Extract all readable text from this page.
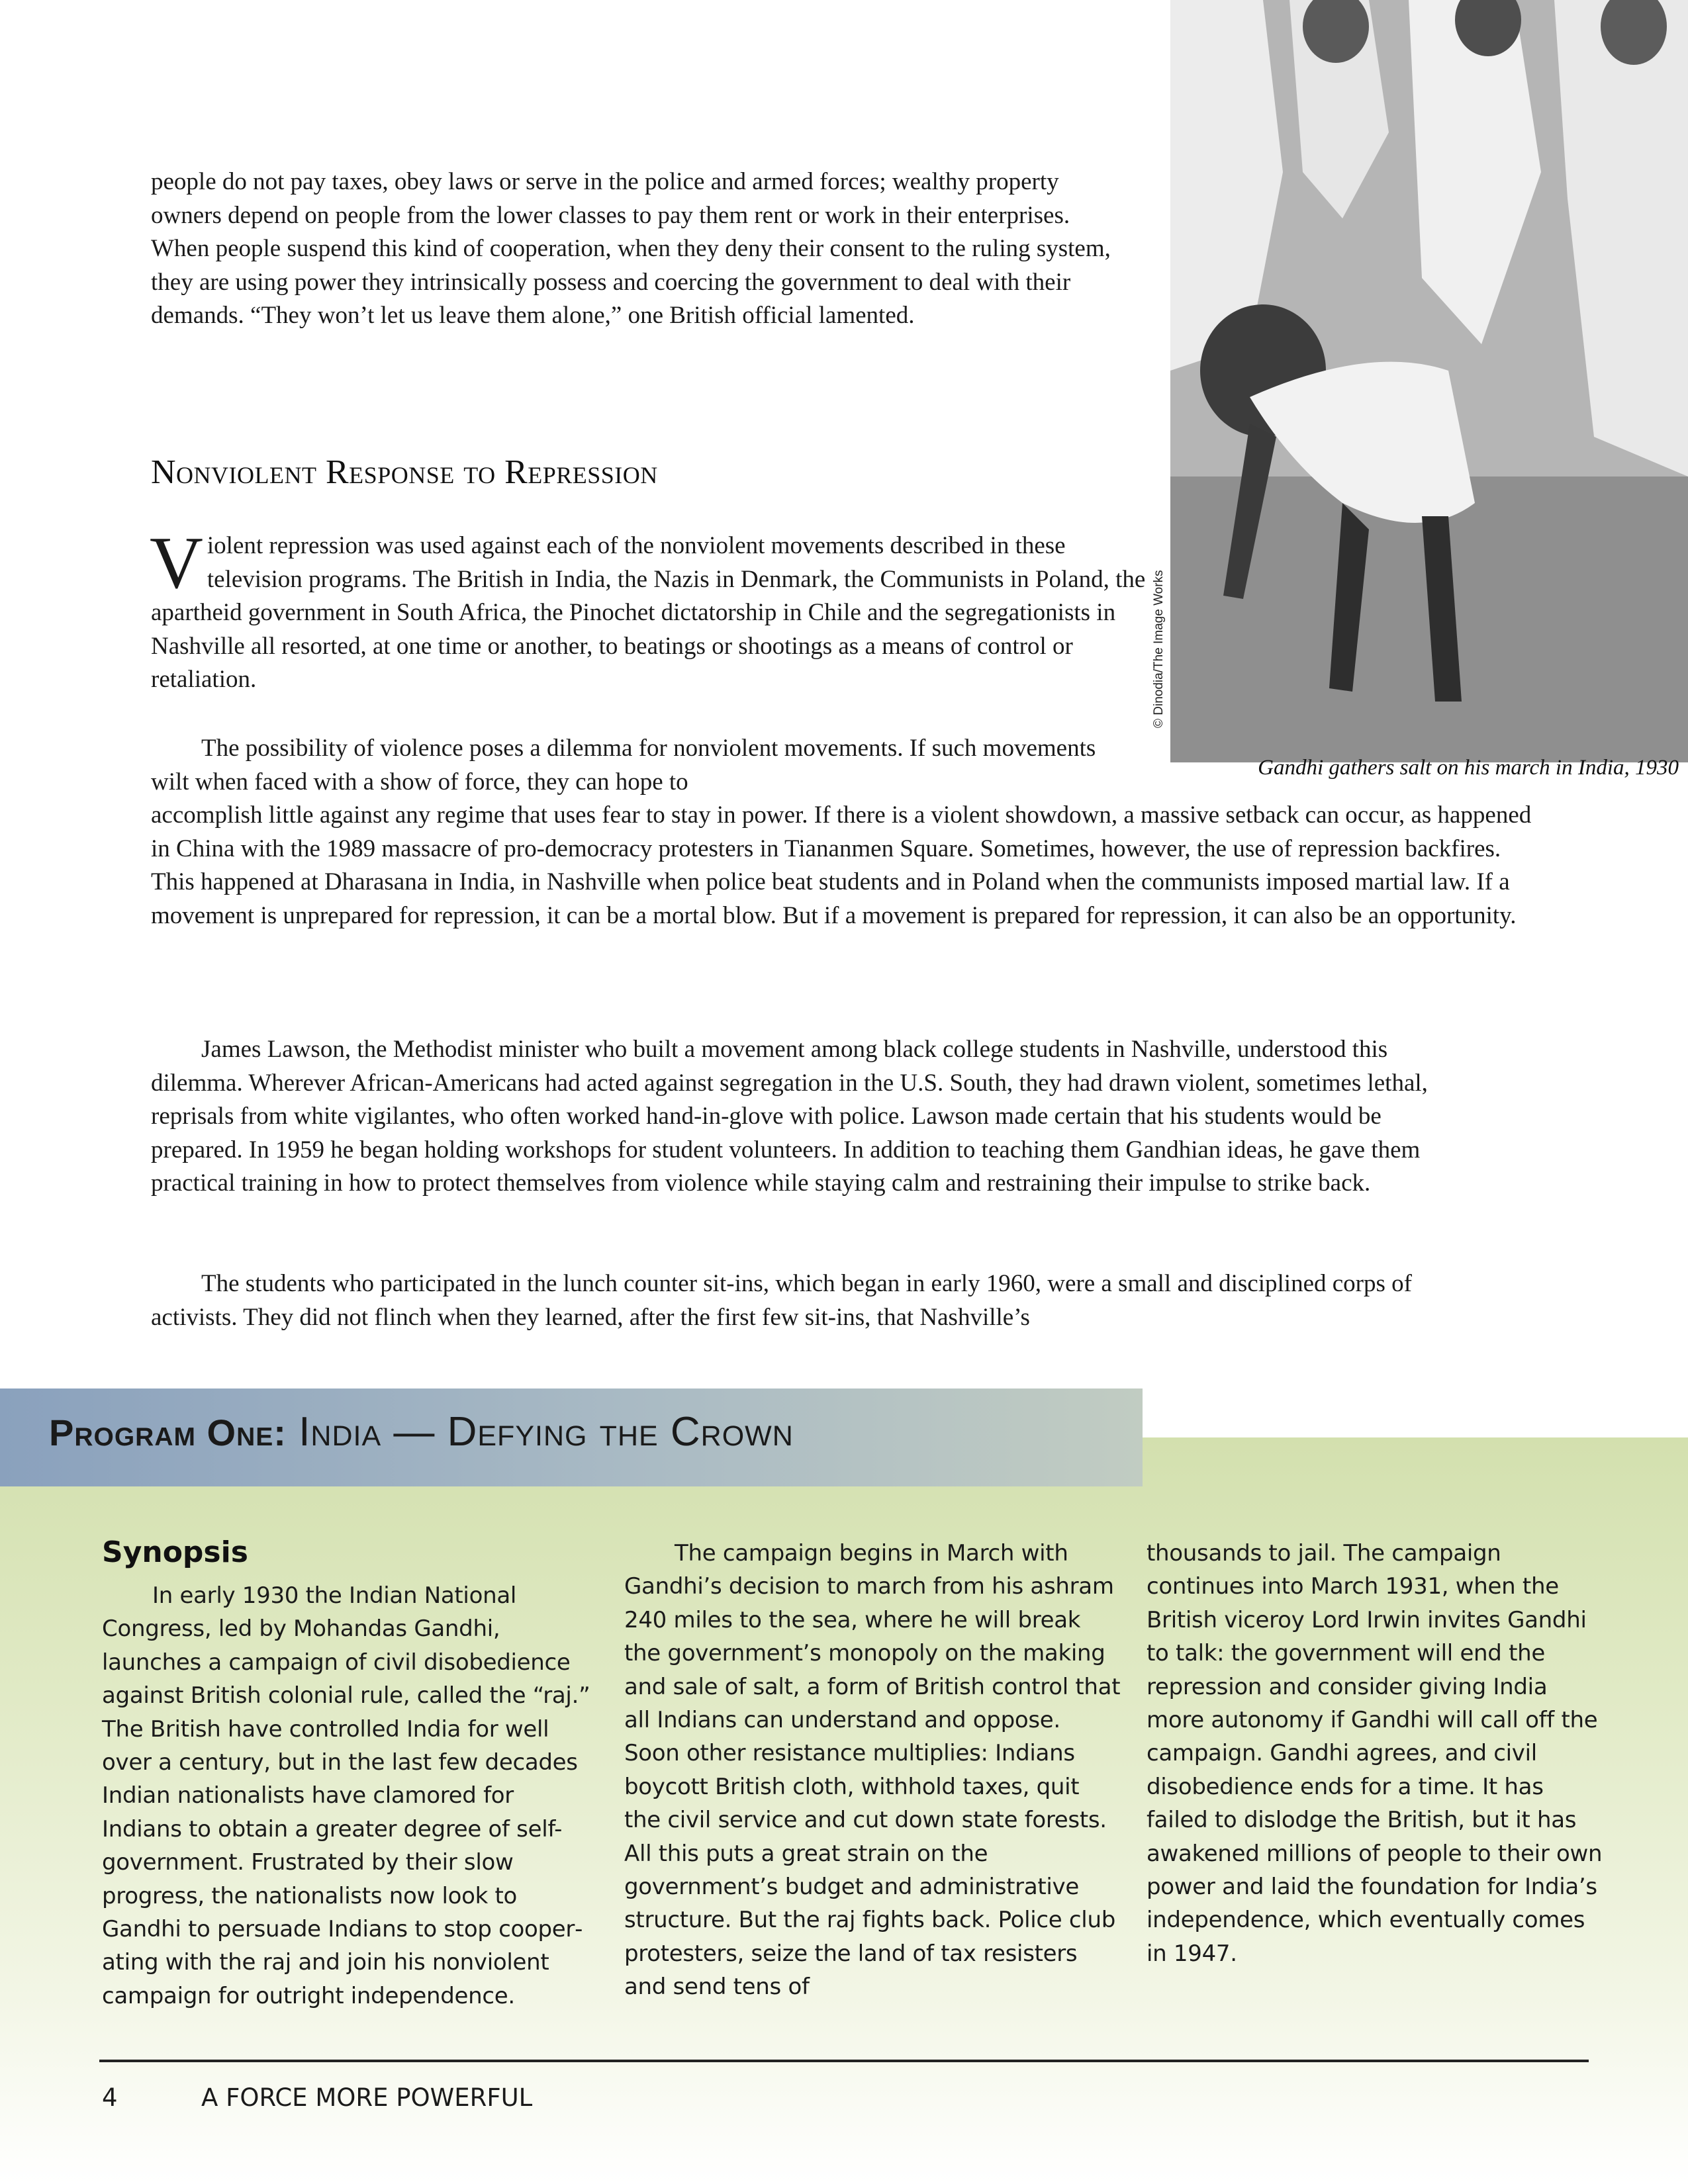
© Dinodia/The Image Works
Gandhi gathers salt on his march in India, 1930

people do not pay taxes, obey laws or serve in the police and armed forces; wealthy property owners depend on people from the lower classes to pay them rent or work in their enterprises. When people suspend this kind of cooperation, when they deny their consent to the ruling system, they are using power they intrinsically possess and coercing the government to deal with their demands. “They won’t let us leave them alone,” one British official lamented.

Nonviolent Response to Repression

Violent repression was used against each of the nonviolent movements described in these television programs. The British in India, the Nazis in Denmark, the Communists in Poland, the apartheid government in South Africa, the Pinochet dictatorship in Chile and the segregationists in Nashville all resorted, at one time or another, to beatings or shootings as a means of control or retaliation.

The possibility of violence poses a dilemma for nonviolent movements. If such movements wilt when faced with a show of force, they can hope to

accomplish little against any regime that uses fear to stay in power. If there is a violent showdown, a massive setback can occur, as happened in China with the 1989 massacre of pro-democracy protesters in Tiananmen Square. Sometimes, however, the use of repression backfires. This happened at Dharasana in India, in Nashville when police beat students and in Poland when the communists imposed martial law. If a movement is unprepared for repression, it can be a mortal blow. But if a movement is prepared for repression, it can also be an opportunity.

James Lawson, the Methodist minister who built a movement among black college students in Nashville, understood this dilemma. Wherever African-Americans had acted against segregation in the U.S. South, they had drawn violent, sometimes lethal, reprisals from white vigilantes, who often worked hand-in-glove with police. Lawson made certain that his students would be prepared. In 1959 he began holding workshops for student volunteers. In addition to teaching them Gandhian ideas, he gave them practical training in how to protect themselves from violence while staying calm and restraining their impulse to strike back.

The students who participated in the lunch counter sit-ins, which began in early 1960, were a small and disciplined corps of activists. They did not flinch when they learned, after the first few sit-ins, that Nashville’s

Program One: India — Defying the Crown
Synopsis

In early 1930 the Indian National Congress, led by Mohandas Gandhi, launches a campaign of civil disobedience against British colonial rule, called the “raj.” The British have controlled India for well over a century, but in the last few decades Indian nationalists have clamored for Indians to obtain a greater degree of self-government. Frustrated by their slow progress, the nationalists now look to Gandhi to persuade Indians to stop cooperating with the raj and join his nonviolent campaign for outright independence.

The campaign begins in March with Gandhi’s decision to march from his ashram 240 miles to the sea, where he will break the government’s monopoly on the making and sale of salt, a form of British control that all Indians can understand and oppose. Soon other resistance multiplies: Indians boycott British cloth, withhold taxes, quit the civil service and cut down state forests. All this puts a great strain on the government’s budget and administrative structure. But the raj fights back. Police club protesters, seize the land of tax resisters and send tens of

thousands to jail. The campaign continues into March 1931, when the British viceroy Lord Irwin invites Gandhi to talk: the government will end the repression and consider giving India more autonomy if Gandhi will call off the campaign. Gandhi agrees, and civil disobedience ends for a time. It has failed to dislodge the British, but it has awakened millions of people to their own power and laid the foundation for India’s independence, which eventually comes in 1947.

4	A FORCE MORE POWERFUL
